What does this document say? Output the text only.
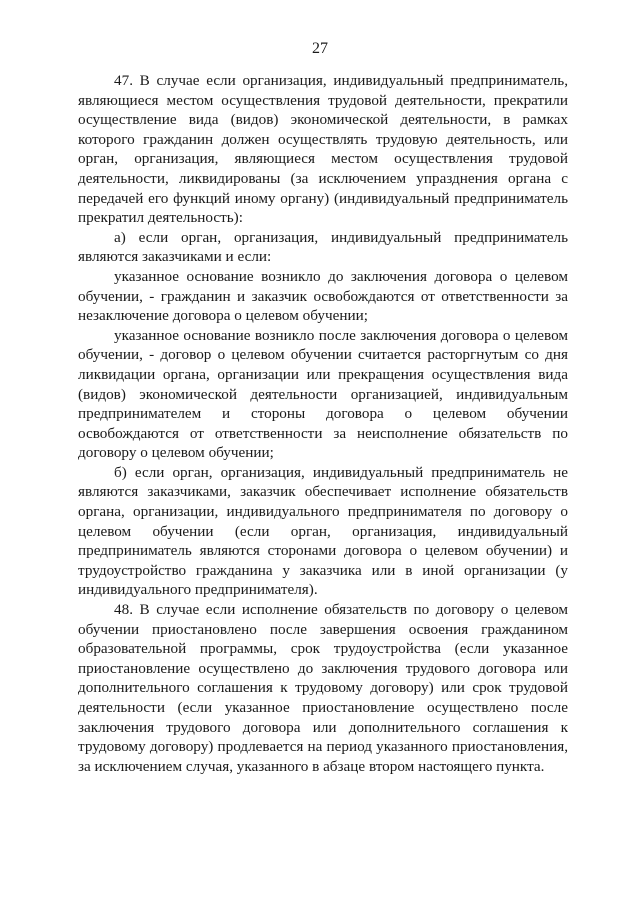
27

47. В случае если организация, индивидуальный предприниматель, являющиеся местом осуществления трудовой деятельности, прекратили осуществление вида (видов) экономической деятельности, в рамках которого гражданин должен осуществлять трудовую деятельность, или орган, организация, являющиеся местом осуществления трудовой деятельности, ликвидированы (за исключением упразднения органа с передачей его функций иному органу) (индивидуальный предприниматель прекратил деятельность):

а) если орган, организация, индивидуальный предприниматель являются заказчиками и если:

указанное основание возникло до заключения договора о целевом обучении, - гражданин и заказчик освобождаются от ответственности за незаключение договора о целевом обучении;

указанное основание возникло после заключения договора о целевом обучении, - договор о целевом обучении считается расторгнутым со дня ликвидации органа, организации или прекращения осуществления вида (видов) экономической деятельности организацией, индивидуальным предпринимателем и стороны договора о целевом обучении освобождаются от ответственности за неисполнение обязательств по договору о целевом обучении;

б) если орган, организация, индивидуальный предприниматель не являются заказчиками, заказчик обеспечивает исполнение обязательств органа, организации, индивидуального предпринимателя по договору о целевом обучении (если орган, организация, индивидуальный предприниматель являются сторонами договора о целевом обучении) и трудоустройство гражданина у заказчика или в иной организации (у индивидуального предпринимателя).

48. В случае если исполнение обязательств по договору о целевом обучении приостановлено после завершения освоения гражданином образовательной программы, срок трудоустройства (если указанное приостановление осуществлено до заключения трудового договора или дополнительного соглашения к трудовому договору) или срок трудовой деятельности (если указанное приостановление осуществлено после заключения трудового договора или дополнительного соглашения к трудовому договору) продлевается на период указанного приостановления, за исключением случая, указанного в абзаце втором настоящего пункта.
